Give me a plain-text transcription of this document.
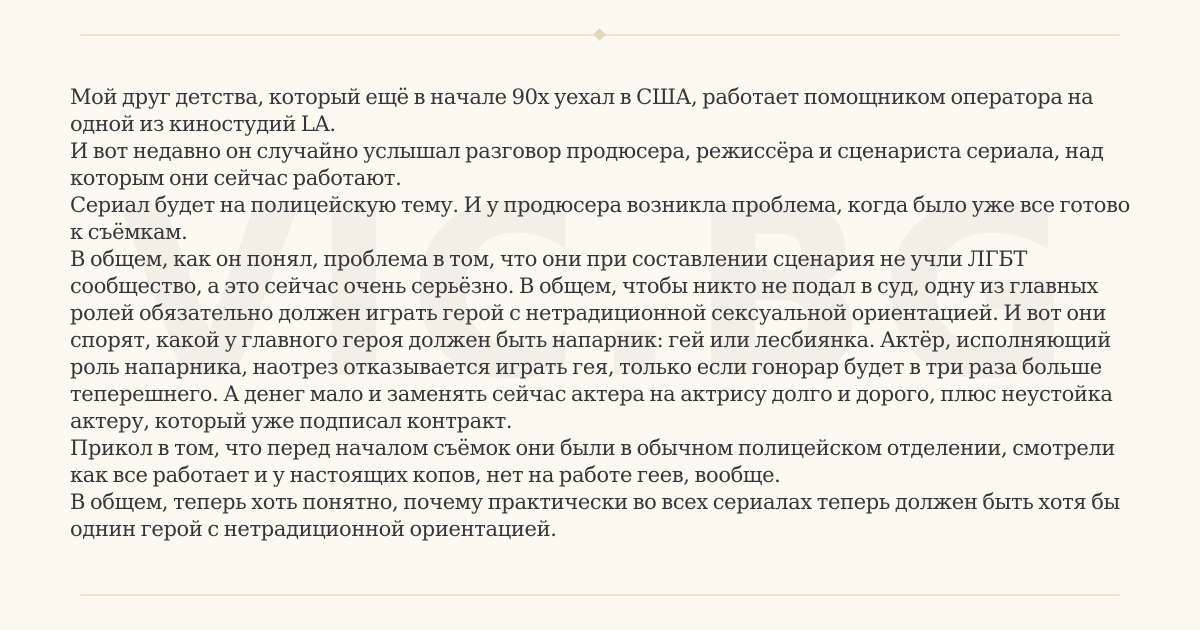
Мой друг детства, который ещё в начале 90х уехал в США, работает помощником оператора на одной из киностудий LA.

И вот недавно он случайно услышал разговор продюсера, режиссёра и сценариста сериала, над которым они сейчас работают.

Сериал будет на полицейскую тему. И у продюсера возникла проблема, когда было уже все готово к съёмкам.

В общем, как он понял, проблема в том, что они при составлении сценария не учли ЛГБТ сообщество, а это сейчас очень серьёзно. В общем, чтобы никто не подал в суд, одну из главных ролей обязательно должен играть герой с нетрадиционной сексуальной ориентацией. И вот они спорят, какой у главного героя должен быть напарник: гей или лесбиянка. Актёр, исполняющий роль напарника, наотрез отказывается играть гея, только если гонорар будет в три раза больше теперешнего. А денег мало и заменять сейчас актера на актрису долго и дорого, плюс неустойка актеру, который уже подписал контракт.

Прикол в том, что перед началом съёмок они были в обычном полицейском отделении, смотрели как все работает и у настоящих копов, нет на работе геев, вообще.

В общем, теперь хоть понятно, почему практически во всех сериалах теперь должен быть хотя бы однин герой с нетрадиционной ориентацией.
